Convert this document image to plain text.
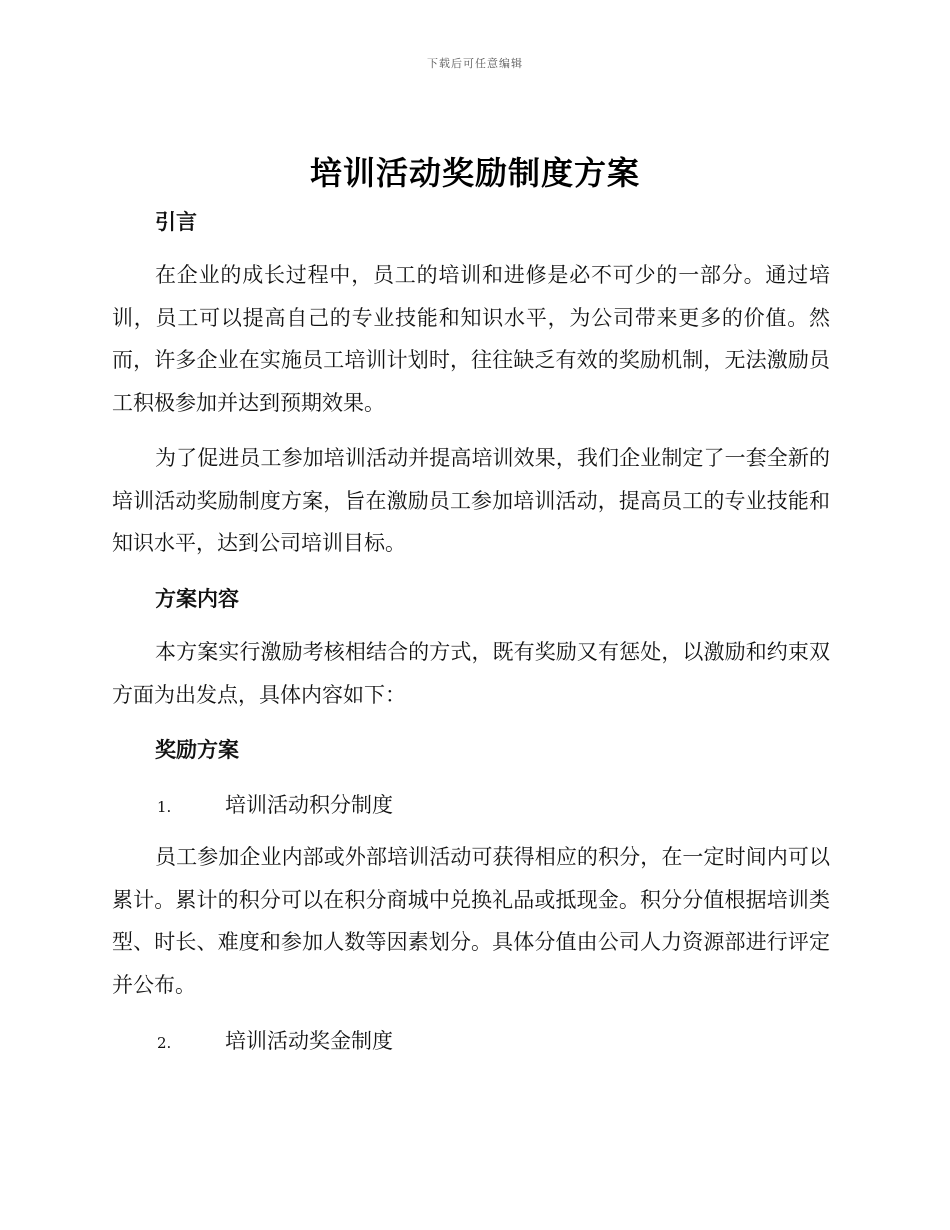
下载后可任意编辑
培训活动奖励制度方案
引言

在企业的成长过程中，员工的培训和进修是必不可少的一部分。通过培训，员工可以提高自己的专业技能和知识水平，为公司带来更多的价值。然而，许多企业在实施员工培训计划时，往往缺乏有效的奖励机制，无法激励员工积极参加并达到预期效果。

为了促进员工参加培训活动并提高培训效果，我们企业制定了一套全新的培训活动奖励制度方案，旨在激励员工参加培训活动，提高员工的专业技能和知识水平，达到公司培训目标。

方案内容

本方案实行激励考核相结合的方式，既有奖励又有惩处，以激励和约束双方面为出发点，具体内容如下：

奖励方案
1.	培训活动积分制度

员工参加企业内部或外部培训活动可获得相应的积分，在一定时间内可以累计。累计的积分可以在积分商城中兑换礼品或抵现金。积分分值根据培训类型、时长、难度和参加人数等因素划分。具体分值由公司人力资源部进行评定并公布。

2.	培训活动奖金制度
